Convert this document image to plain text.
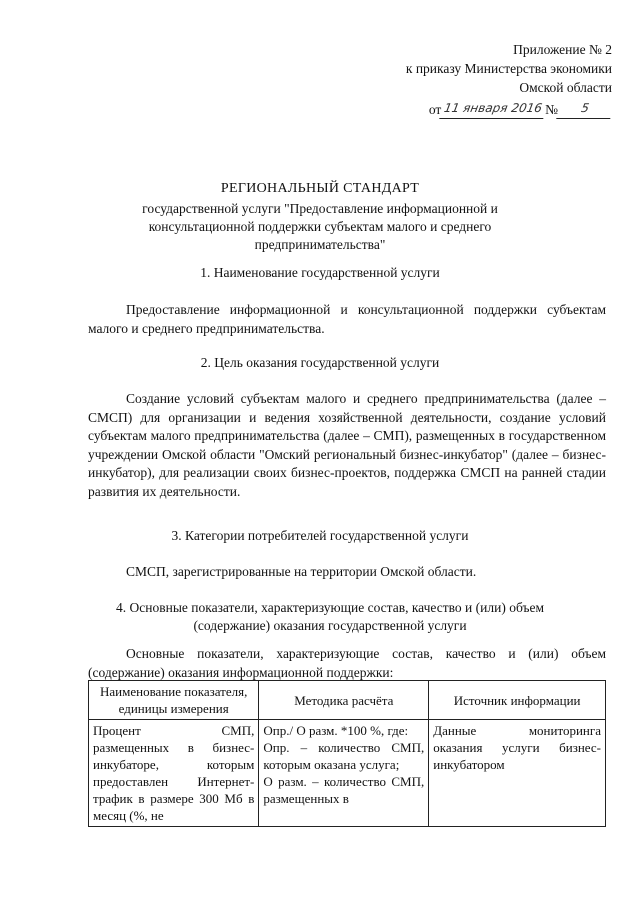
Приложение № 2
к приказу Министерства экономики
Омской области
от 11 января 2016 №	5
РЕГИОНАЛЬНЫЙ СТАНДАРТ
государственной услуги "Предоставление информационной и консультационной поддержки субъектам малого и среднего предпринимательства"
1. Наименование государственной услуги
Предоставление информационной и консультационной поддержки субъектам малого и среднего предпринимательства.
2. Цель оказания государственной услуги
Создание условий субъектам малого и среднего предпринимательства (далее – СМСП) для организации и ведения хозяйственной деятельности, создание условий субъектам малого предпринимательства (далее – СМП), размещенных в государственном учреждении Омской области "Омский региональный бизнес-инкубатор" (далее – бизнес-инкубатор), для реализации своих бизнес-проектов, поддержка СМСП на ранней стадии развития их деятельности.
3. Категории потребителей государственной услуги
СМСП, зарегистрированные на территории Омской области.
4. Основные показатели, характеризующие состав, качество и (или) объем (содержание) оказания государственной услуги
Основные показатели, характеризующие состав, качество и (или) объем (содержание) оказания информационной поддержки:
Наименование показателя, единицы измерения	Методика расчёта	Источник информации
Процент СМП, размещенных в бизнес-инкубаторе, которым предоставлен Интернет-трафик в размере 300 Мб в месяц (%, не	Опр./ О разм. *100 %, где:
Опр. – количество СМП, которым оказана услуга;
О разм. – количество СМП, размещенных в	Данные мониторинга оказания услуги бизнес-инкубатором
